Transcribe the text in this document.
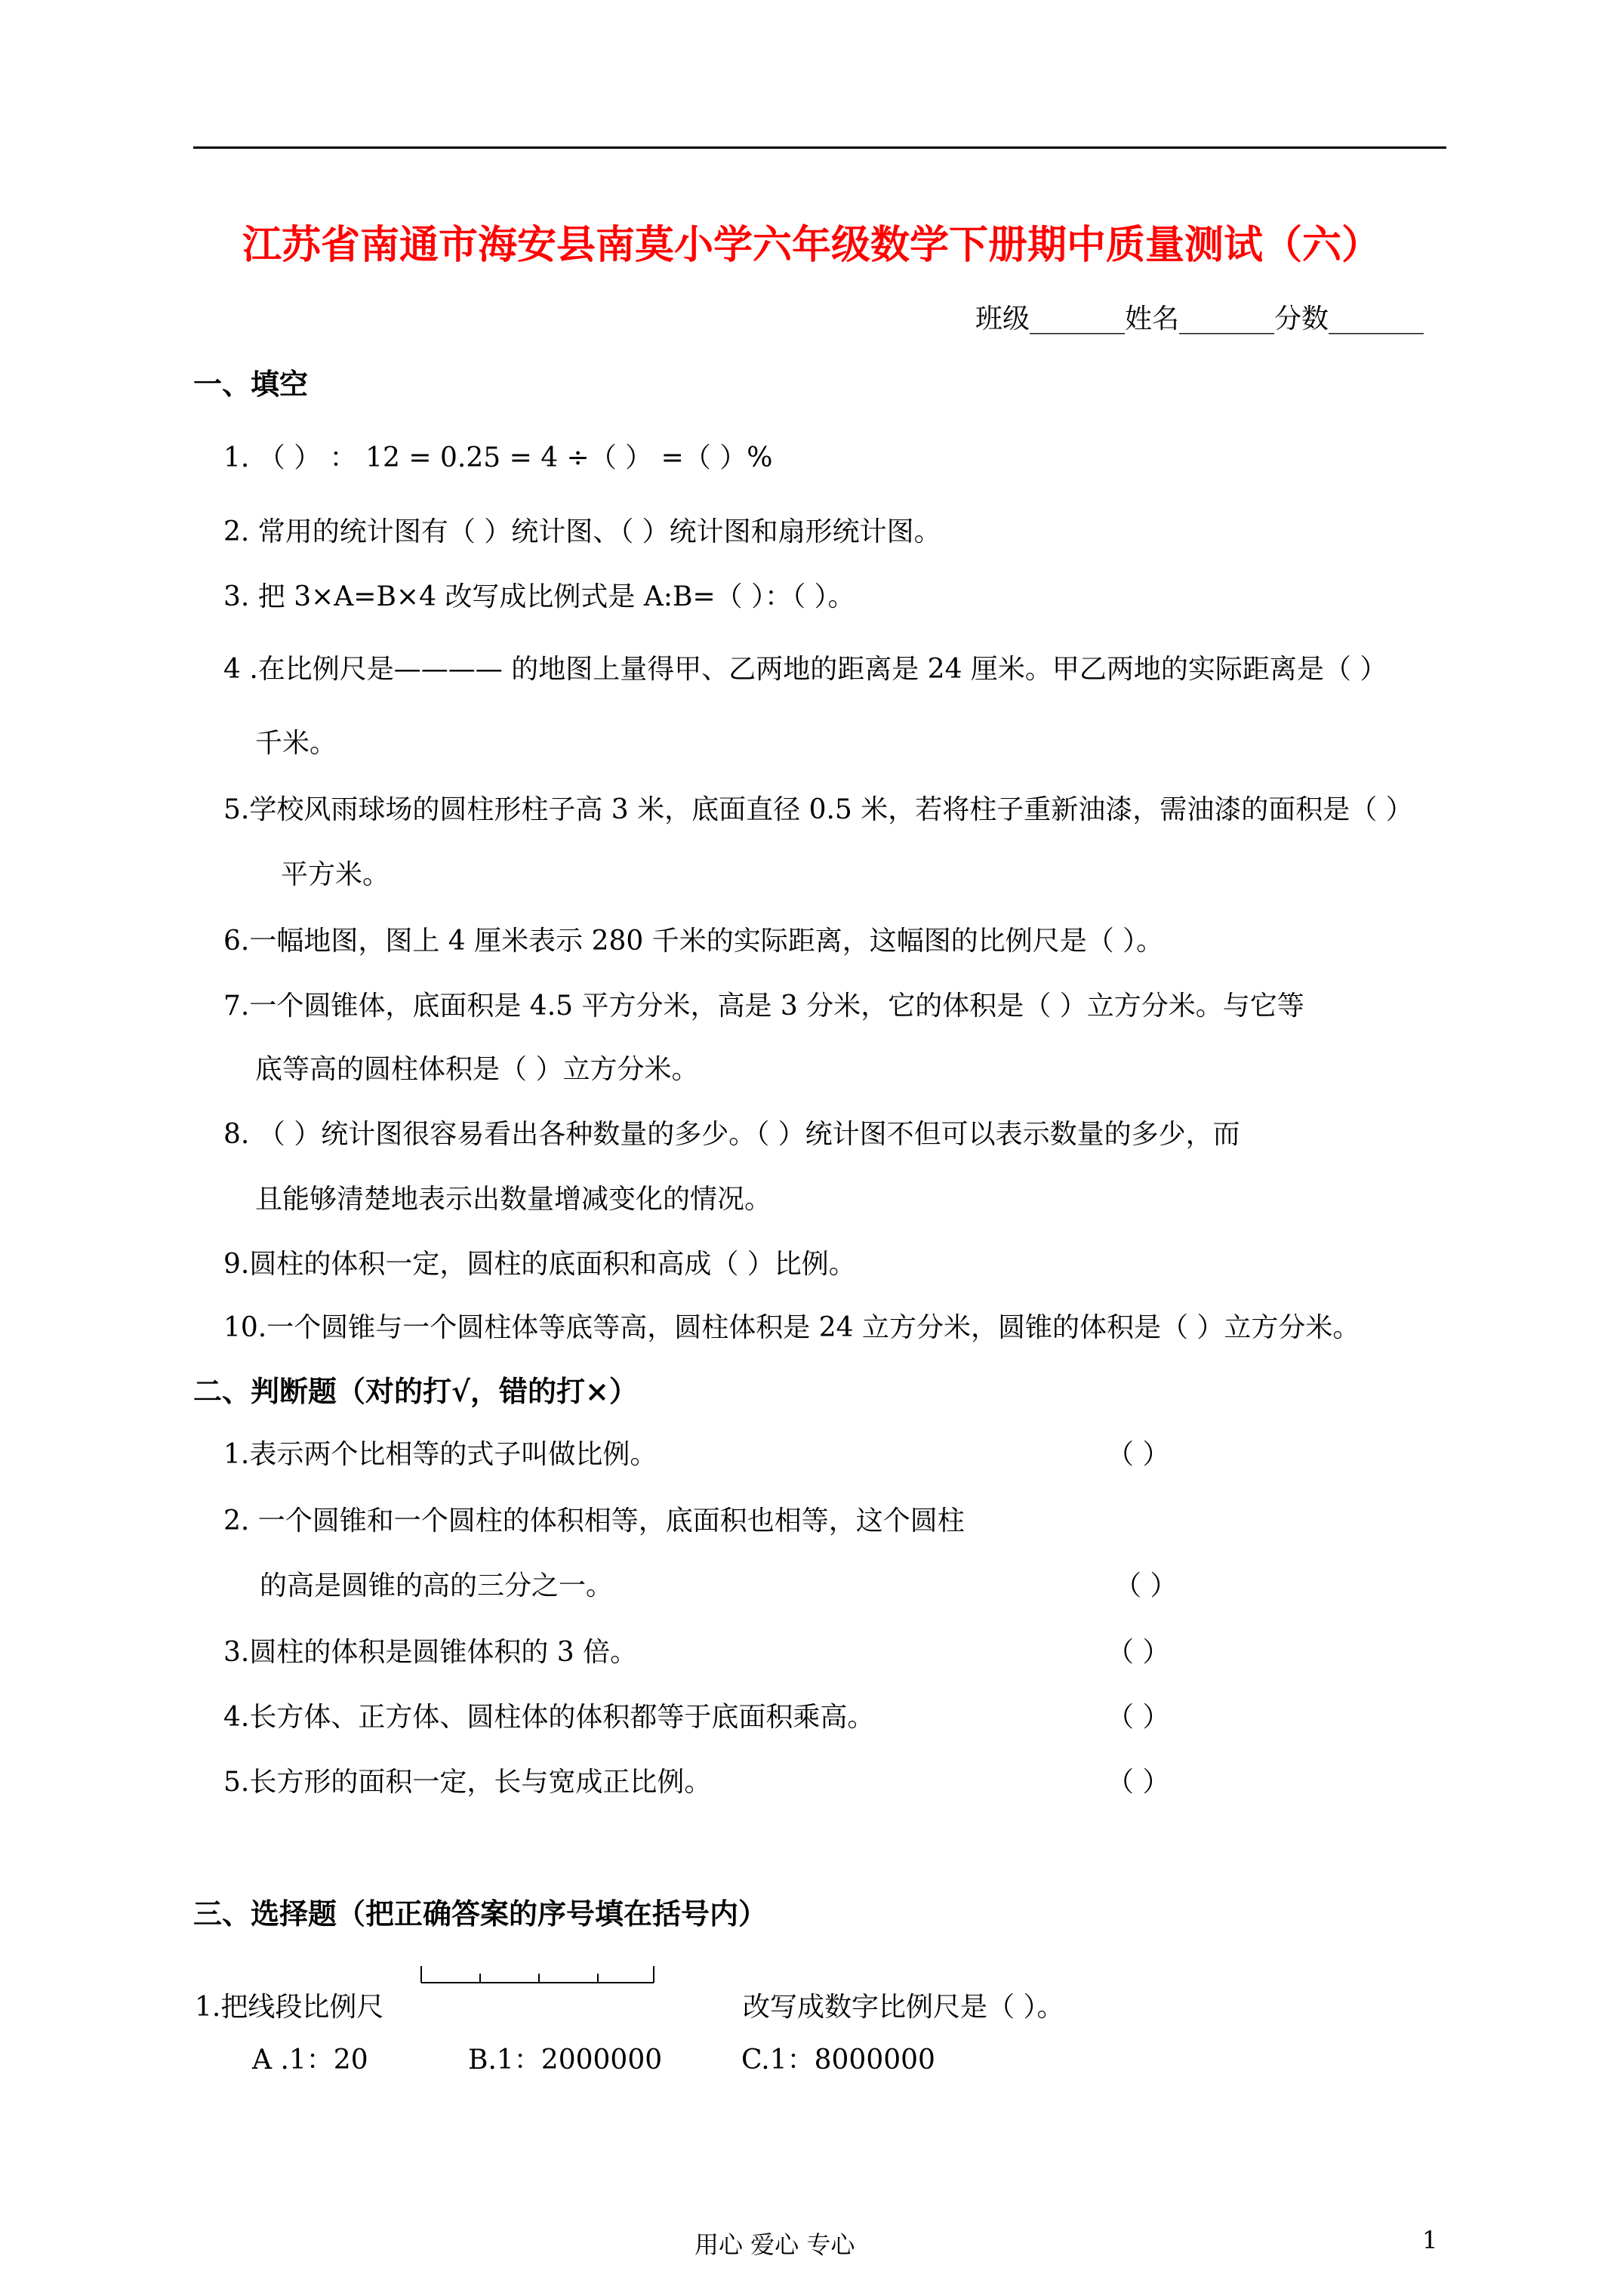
江苏省南通市海安县南莫小学六年级数学下册期中质量测试（六）
班级_______姓名_______分数_______
一、填空
1. （ ） ： 12 = 0.25 = 4 ÷（ ） =（ ）%
2. 常用的统计图有（ ）统计图、（ ）统计图和扇形统计图。
3. 把 3×A=B×4 改写成比例式是 A:B=（ ）：（ ）。
4 .在比例尺是———— 的地图上量得甲、乙两地的距离是 24 厘米。甲乙两地的实际距离是（ ）
千米。
5.学校风雨球场的圆柱形柱子高 3 米，底面直径 0.5 米，若将柱子重新油漆，需油漆的面积是（ ）
平方米。
6.一幅地图，图上 4 厘米表示 280 千米的实际距离，这幅图的比例尺是（ ）。
7.一个圆锥体，底面积是 4.5 平方分米，高是 3 分米，它的体积是（ ）立方分米。与它等
底等高的圆柱体积是（ ）立方分米。
8. （ ）统计图很容易看出各种数量的多少。（ ）统计图不但可以表示数量的多少，而
且能够清楚地表示出数量增减变化的情况。
9.圆柱的体积一定，圆柱的底面积和高成（ ）比例。
10.一个圆锥与一个圆柱体等底等高，圆柱体积是 24 立方分米，圆锥的体积是（ ）立方分米。
二、判断题（对的打√，错的打×）
1.表示两个比相等的式子叫做比例。	（ ）
2. 一个圆锥和一个圆柱的体积相等，底面积也相等，这个圆柱
的高是圆锥的高的三分之一。	（ ）
3.圆柱的体积是圆锥体积的 3 倍。	（ ）
4.长方体、正方体、圆柱体的体积都等于底面积乘高。	（ ）
5.长方形的面积一定，长与宽成正比例。	（ ）
三、选择题（把正确答案的序号填在括号内）
1.把线段比例尺	改写成数字比例尺是（ ）。
A .1：20	B.1：2000000	C.1：8000000
用心 爱心 专心	1
